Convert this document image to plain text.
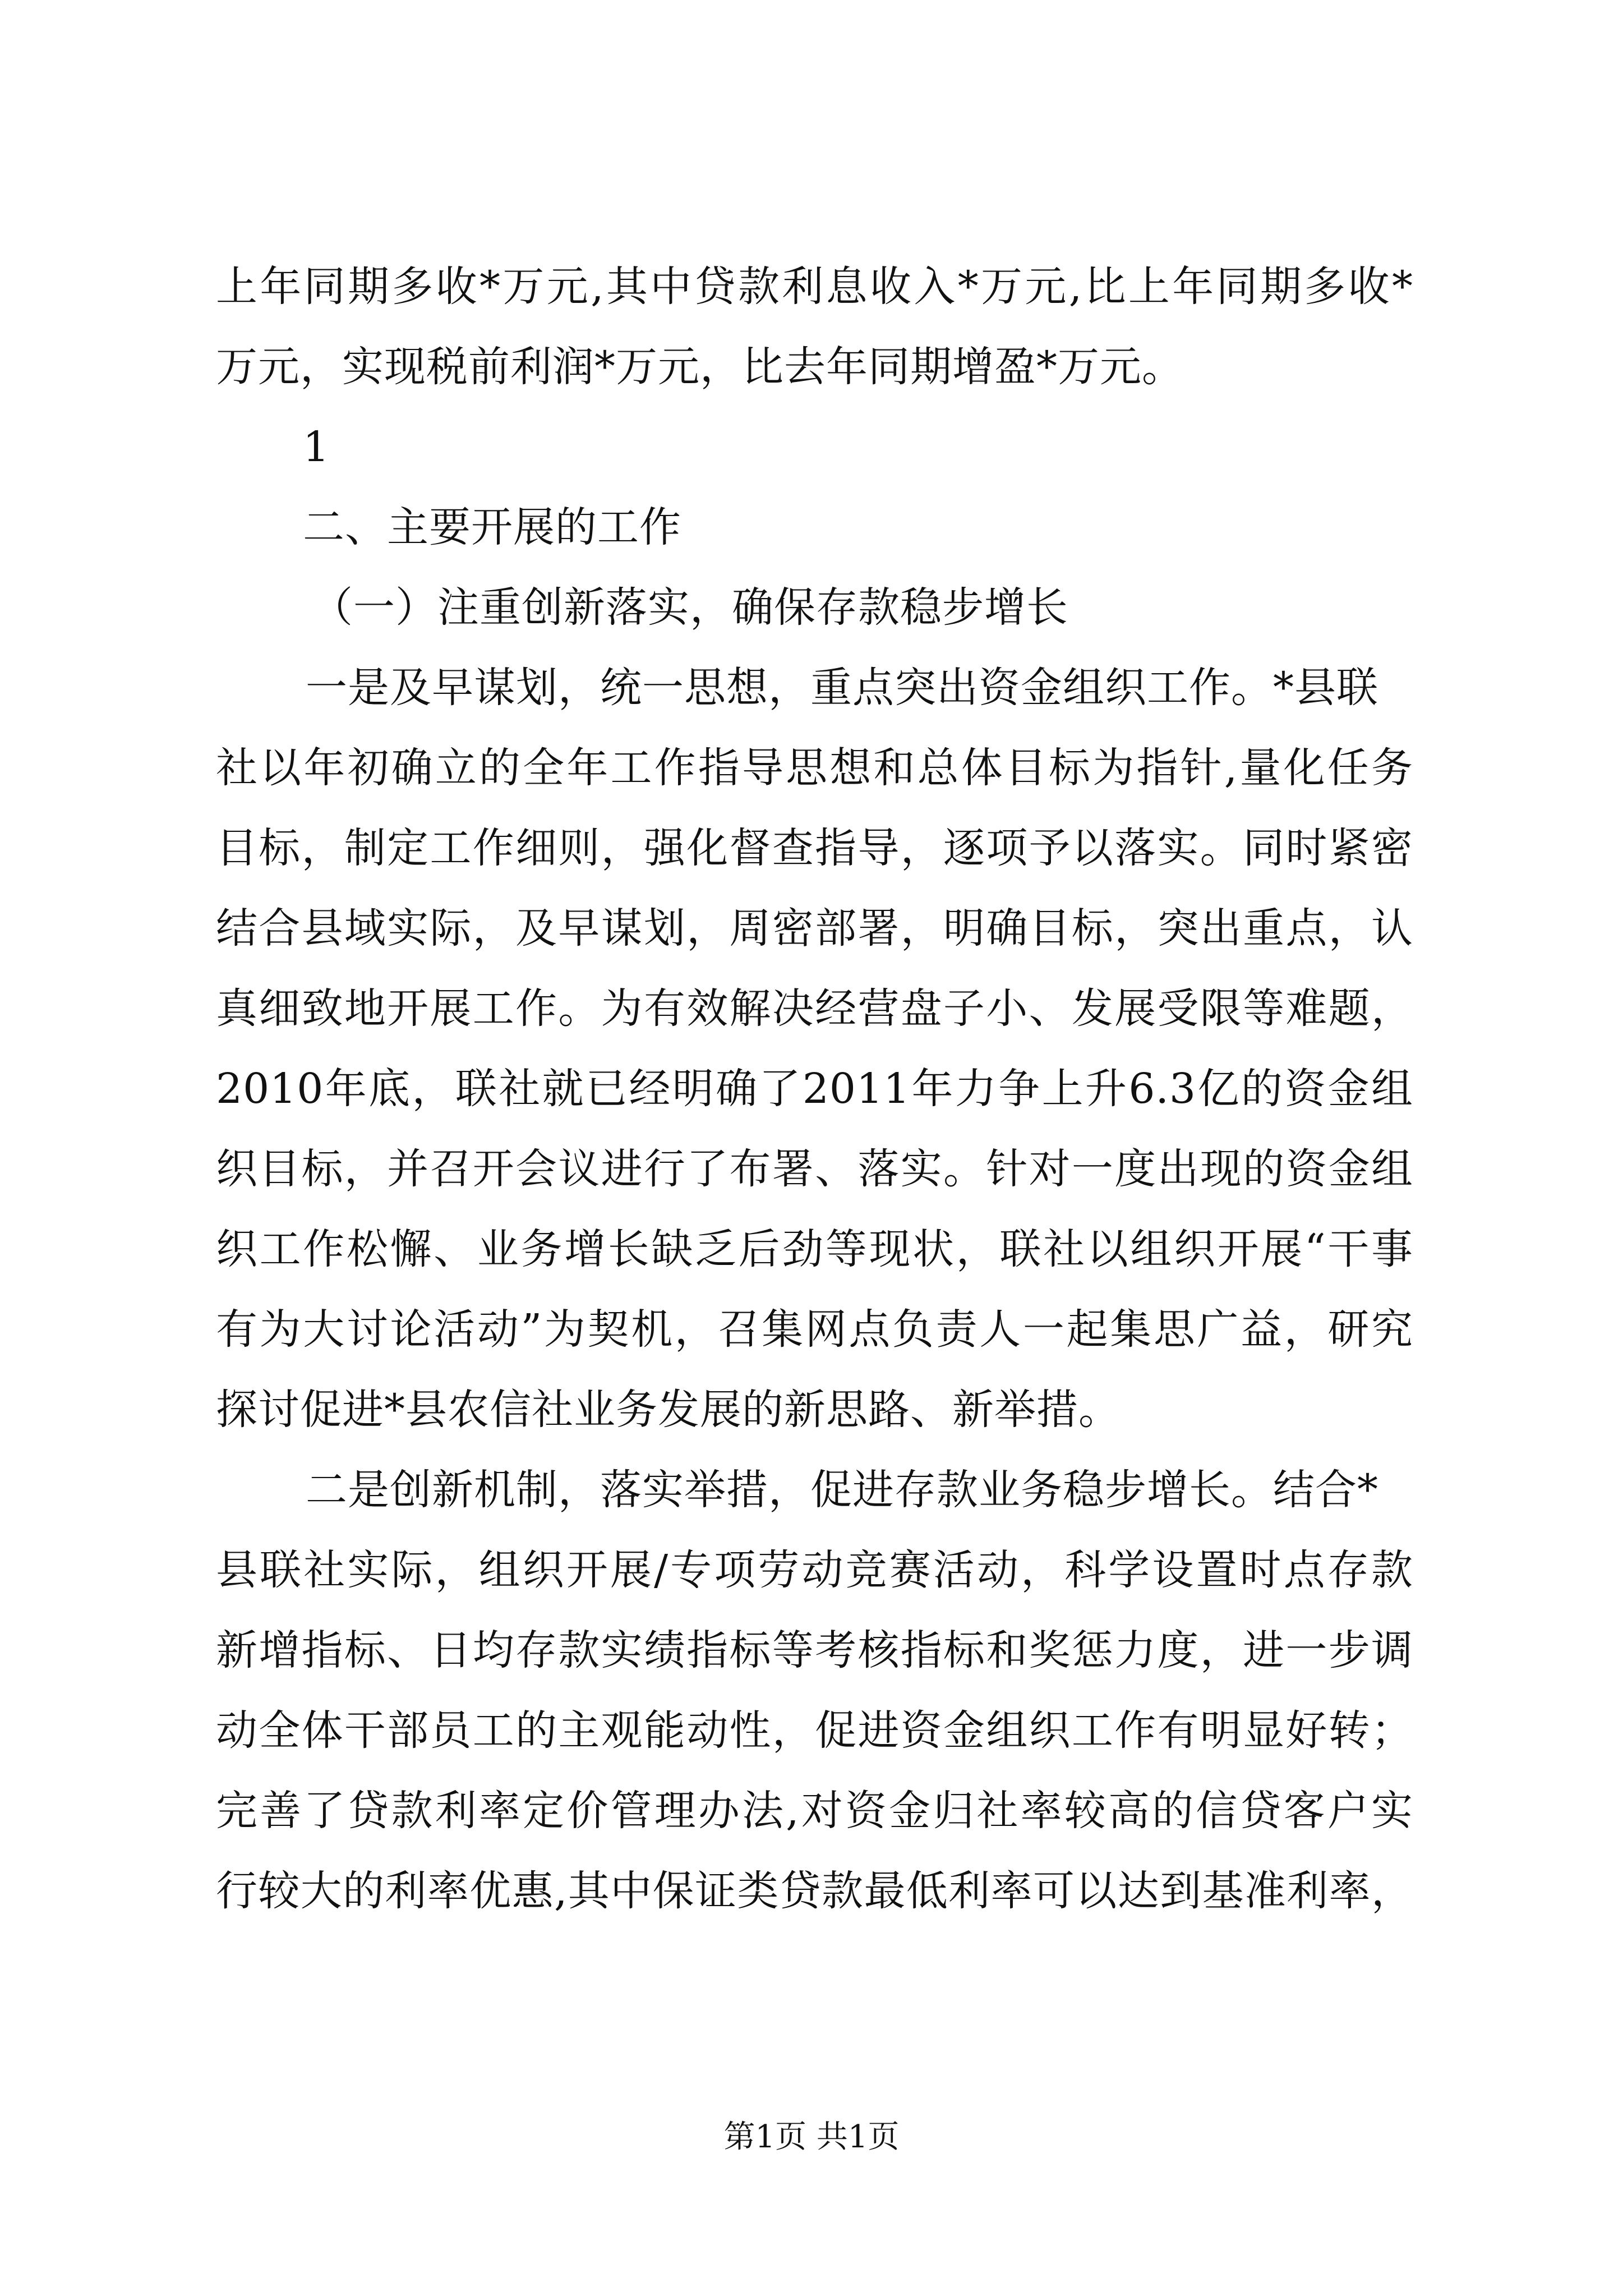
上年同期多收*万元,其中贷款利息收入*万元,比上年同期多收*
万元，实现税前利润*万元，比去年同期增盈*万元。
1
二、主要开展的工作
（一）注重创新落实，确保存款稳步增长
一是及早谋划，统一思想，重点突出资金组织工作。*县联
社以年初确立的全年工作指导思想和总体目标为指针,量化任务
目标，制定工作细则，强化督查指导，逐项予以落实。同时紧密
结合县域实际，及早谋划，周密部署，明确目标，突出重点，认
真细致地开展工作。为有效解决经营盘子小、发展受限等难题，
2010年底，联社就已经明确了2011年力争上升6.3亿的资金组
织目标，并召开会议进行了布署、落实。针对一度出现的资金组
织工作松懈、业务增长缺乏后劲等现状，联社以组织开展“干事
有为大讨论活动”为契机，召集网点负责人一起集思广益，研究
探讨促进*县农信社业务发展的新思路、新举措。
二是创新机制，落实举措，促进存款业务稳步增长。结合*
县联社实际，组织开展/专项劳动竞赛活动，科学设置时点存款
新增指标、日均存款实绩指标等考核指标和奖惩力度，进一步调
动全体干部员工的主观能动性，促进资金组织工作有明显好转；
完善了贷款利率定价管理办法,对资金归社率较高的信贷客户实
行较大的利率优惠,其中保证类贷款最低利率可以达到基准利率，
第1页 共1页
